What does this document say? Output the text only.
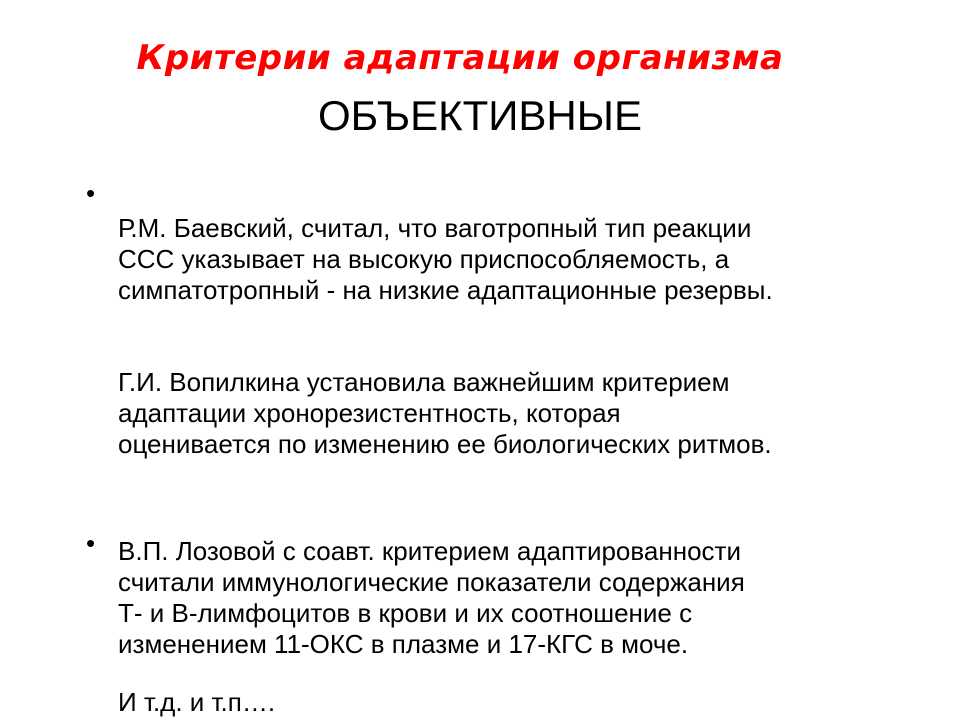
Критерии адаптации организма
ОБЪЕКТИВНЫЕ
•
Р.М. Баевский, считал, что ваготропный тип реакции
ССС указывает на высокую приспособляемость, а
симпатотропный - на низкие адаптационные резервы.
Г.И. Вопилкина установила важнейшим критерием
адаптации хронорезистентность, которая
оценивается по изменению ее биологических ритмов.
• В.П. Лозовой с соавт. критерием адаптированности
считали иммунологические показатели содержания
Т- и В-лимфоцитов в крови и их соотношение с
изменением 11-ОКС в плазме и 17-КГС в моче.
И т.д. и т.п….
